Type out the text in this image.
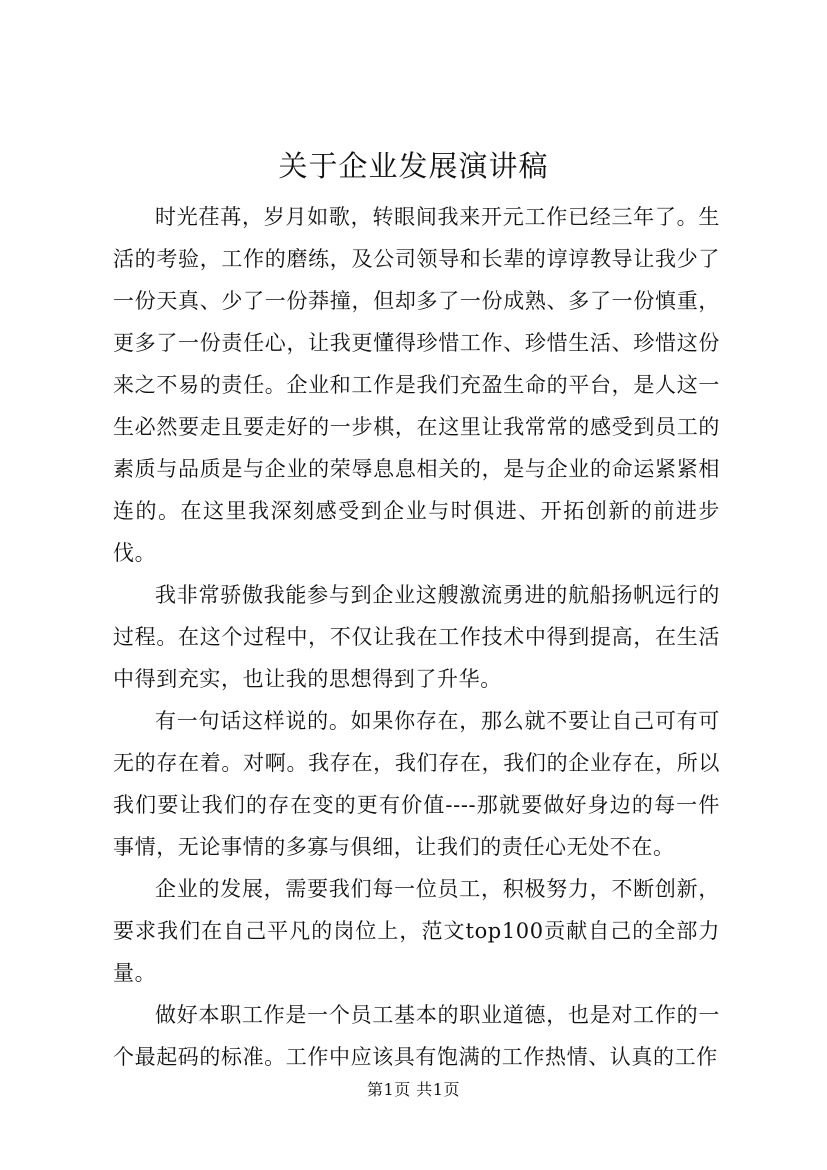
关于企业发展演讲稿

时光荏苒，岁月如歌，转眼间我来开元工作已经三年了。生活的考验，工作的磨练，及公司领导和长辈的谆谆教导让我少了一份天真、少了一份莽撞，但却多了一份成熟、多了一份慎重，更多了一份责任心，让我更懂得珍惜工作、珍惜生活、珍惜这份来之不易的责任。企业和工作是我们充盈生命的平台，是人这一生必然要走且要走好的一步棋，在这里让我常常的感受到员工的素质与品质是与企业的荣辱息息相关的，是与企业的命运紧紧相连的。在这里我深刻感受到企业与时俱进、开拓创新的前进步伐。

我非常骄傲我能参与到企业这艘激流勇进的航船扬帆远行的过程。在这个过程中，不仅让我在工作技术中得到提高，在生活中得到充实，也让我的思想得到了升华。

有一句话这样说的。如果你存在，那么就不要让自己可有可无的存在着。对啊。我存在，我们存在，我们的企业存在，所以我们要让我们的存在变的更有价值----那就要做好身边的每一件事情，无论事情的多寡与俱细，让我们的责任心无处不在。

企业的发展，需要我们每一位员工，积极努力，不断创新，要求我们在自己平凡的岗位上，范文top100贡献自己的全部力量。

做好本职工作是一个员工基本的职业道德，也是对工作的一个最起码的标准。工作中应该具有饱满的工作热情、认真的工作

第1页 共1页
